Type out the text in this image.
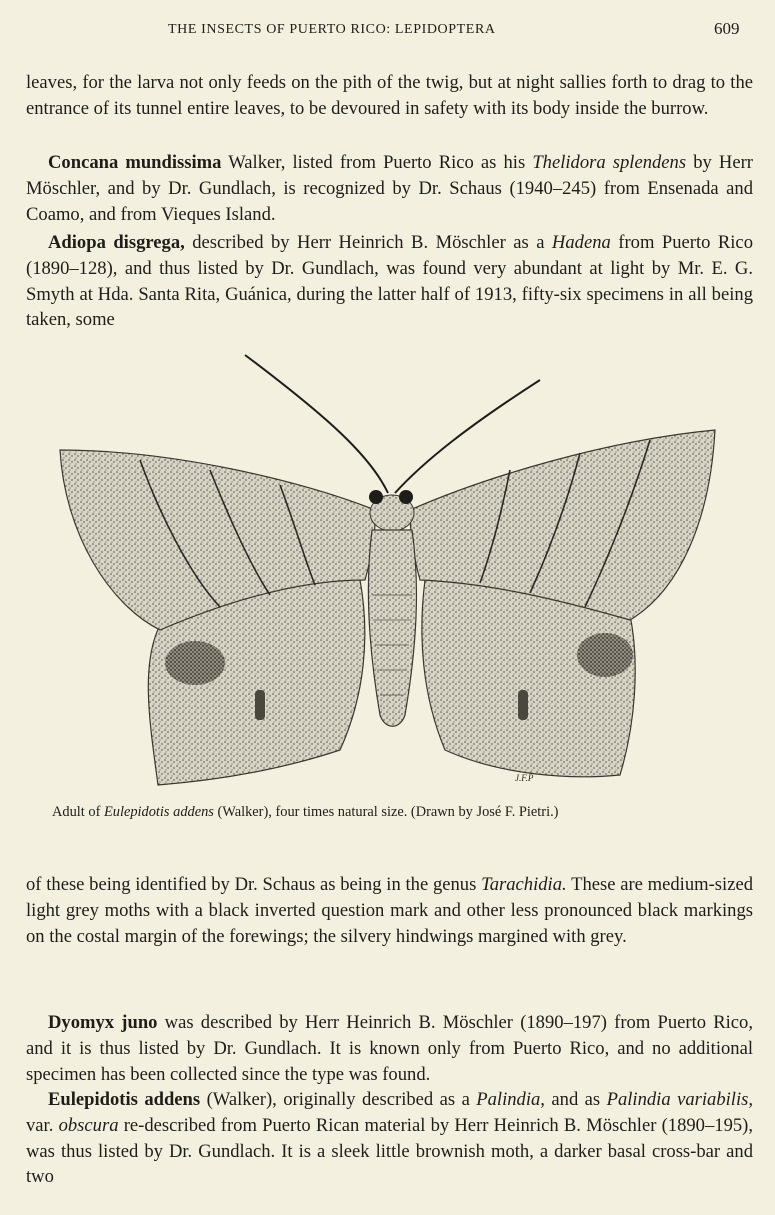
THE INSECTS OF PUERTO RICO: LEPIDOPTERA	609

leaves, for the larva not only feeds on the pith of the twig, but at night sallies forth to drag to the entrance of its tunnel entire leaves, to be devoured in safety with its body inside the burrow.

Concana mundissima Walker, listed from Puerto Rico as his Thelidora splendens by Herr Möschler, and by Dr. Gundlach, is recognized by Dr. Schaus (1940–245) from Ensenada and Coamo, and from Vieques Island.

Adiopa disgrega, described by Herr Heinrich B. Möschler as a Hadena from Puerto Rico (1890–128), and thus listed by Dr. Gundlach, was found very abundant at light by Mr. E. G. Smyth at Hda. Santa Rita, Guánica, during the latter half of 1913, fifty-six specimens in all being taken, some

J.F.P

Adult of Eulepidotis addens (Walker), four times natural size. (Drawn by José F. Pietri.)

of these being identified by Dr. Schaus as being in the genus Tarachidia. These are medium-sized light grey moths with a black inverted question mark and other less pronounced black markings on the costal margin of the forewings; the silvery hindwings margined with grey.

Dyomyx juno was described by Herr Heinrich B. Möschler (1890–197) from Puerto Rico, and it is thus listed by Dr. Gundlach. It is known only from Puerto Rico, and no additional specimen has been collected since the type was found.

Eulepidotis addens (Walker), originally described as a Palindia, and as Palindia variabilis, var. obscura re-described from Puerto Rican material by Herr Heinrich B. Möschler (1890–195), was thus listed by Dr. Gundlach. It is a sleek little brownish moth, a darker basal cross-bar and two
